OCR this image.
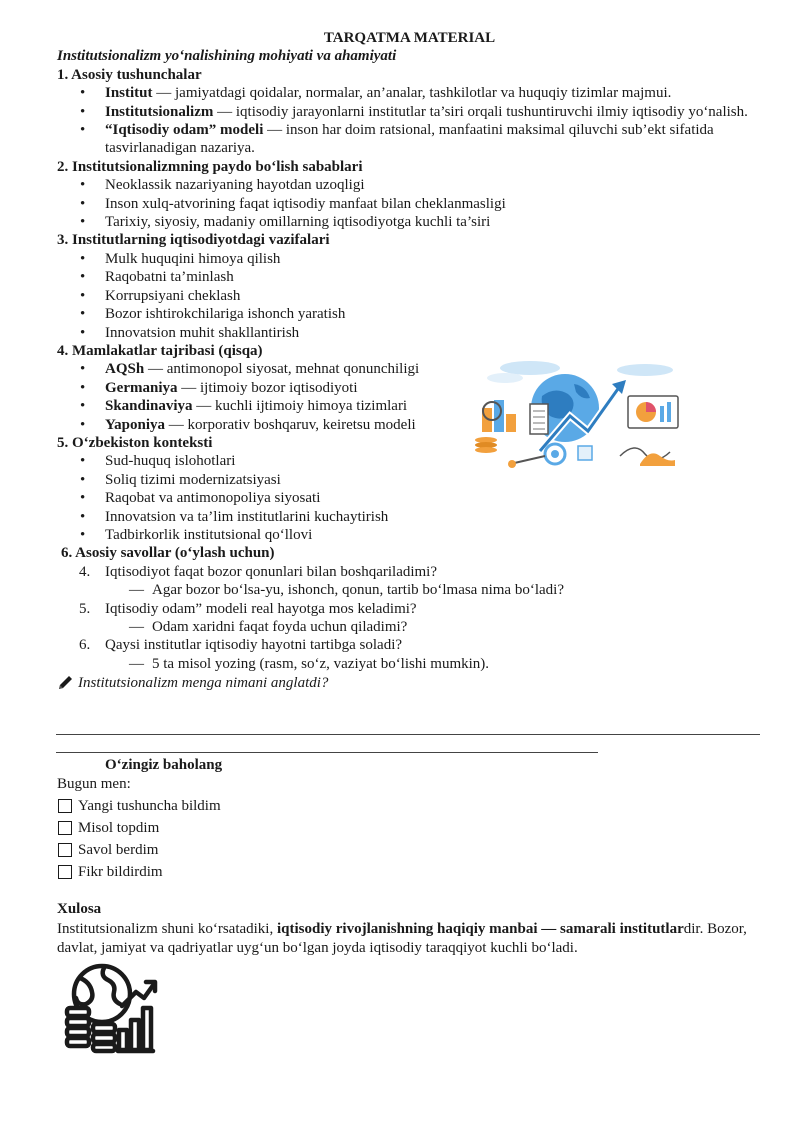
TARQATMA MATERIAL
Institutsionalizm yo‘nalishining mohiyati va ahamiyati
1. Asosiy tushunchalar
• Institut — jamiyatdagi qoidalar, normalar, an’analar, tashkilotlar va huquqiy tizimlar majmui.
• Institutsionalizm — iqtisodiy jarayonlarni institutlar ta’siri orqali tushuntiruvchi ilmiy iqtisodiy yo‘nalish.
• “Iqtisodiy odam” modeli — inson har doim ratsional, manfaatini maksimal qiluvchi sub’ekt sifatida tasvirlanadigan nazariya.
2. Institutsionalizmning paydo bo‘lish sabablari
• Neoklassik nazariyaning hayotdan uzoqligi
• Inson xulq-atvorining faqat iqtisodiy manfaat bilan cheklanmasligi
• Tarixiy, siyosiy, madaniy omillarning iqtisodiyotga kuchli ta’siri
3. Institutlarning iqtisodiyotdagi vazifalari
• Mulk huquqini himoya qilish
• Raqobatni ta’minlash
• Korrupsiyani cheklash
• Bozor ishtirokchilariga ishonch yaratish
• Innovatsion muhit shakllantirish
4. Mamlakatlar tajribasi (qisqa)
• AQSh — antimonopol siyosat, mehnat qonunchiligi
• Germaniya — ijtimoiy bozor iqtisodiyoti
• Skandinaviya — kuchli ijtimoiy himoya tizimlari
• Yaponiya — korporativ boshqaruv, keiretsu modeli
5. O‘zbekiston konteksti
• Sud-huquq islohotlari
• Soliq tizimi modernizatsiyasi
• Raqobat va antimonopoliya siyosati
• Innovatsion va ta’lim institutlarini kuchaytirish
• Tadbirkorlik institutsional qo‘llovi
6. Asosiy savollar (o‘ylash uchun)
4. Iqtisodiyot faqat bozor qonunlari bilan boshqariladimi?
— Agar bozor bo‘lsa-yu, ishonch, qonun, tartib bo‘lmasa nima bo‘ladi?
5. Iqtisodiy odam” modeli real hayotga mos keladimi?
— Odam xaridni faqat foyda uchun qiladimi?
6. Qaysi institutlar iqtisodiy hayotni tartibga soladi?
— 5 ta misol yozing (rasm, so‘z, vaziyat bo‘lishi mumkin).
Institutsionalizm menga nimani anglatdi?
O‘zingiz baholang
Bugun men:
Yangi tushuncha bildim
Misol topdim
Savol berdim
Fikr bildirdim
Xulosa
Institutsionalizm shuni ko‘rsatadiki, iqtisodiy rivojlanishning haqiqiy manbai — samarali institutlardir. Bozor, davlat, jamiyat va qadriyatlar uyg‘un bo‘lgan joyda iqtisodiy taraqqiyot kuchli bo‘ladi.
